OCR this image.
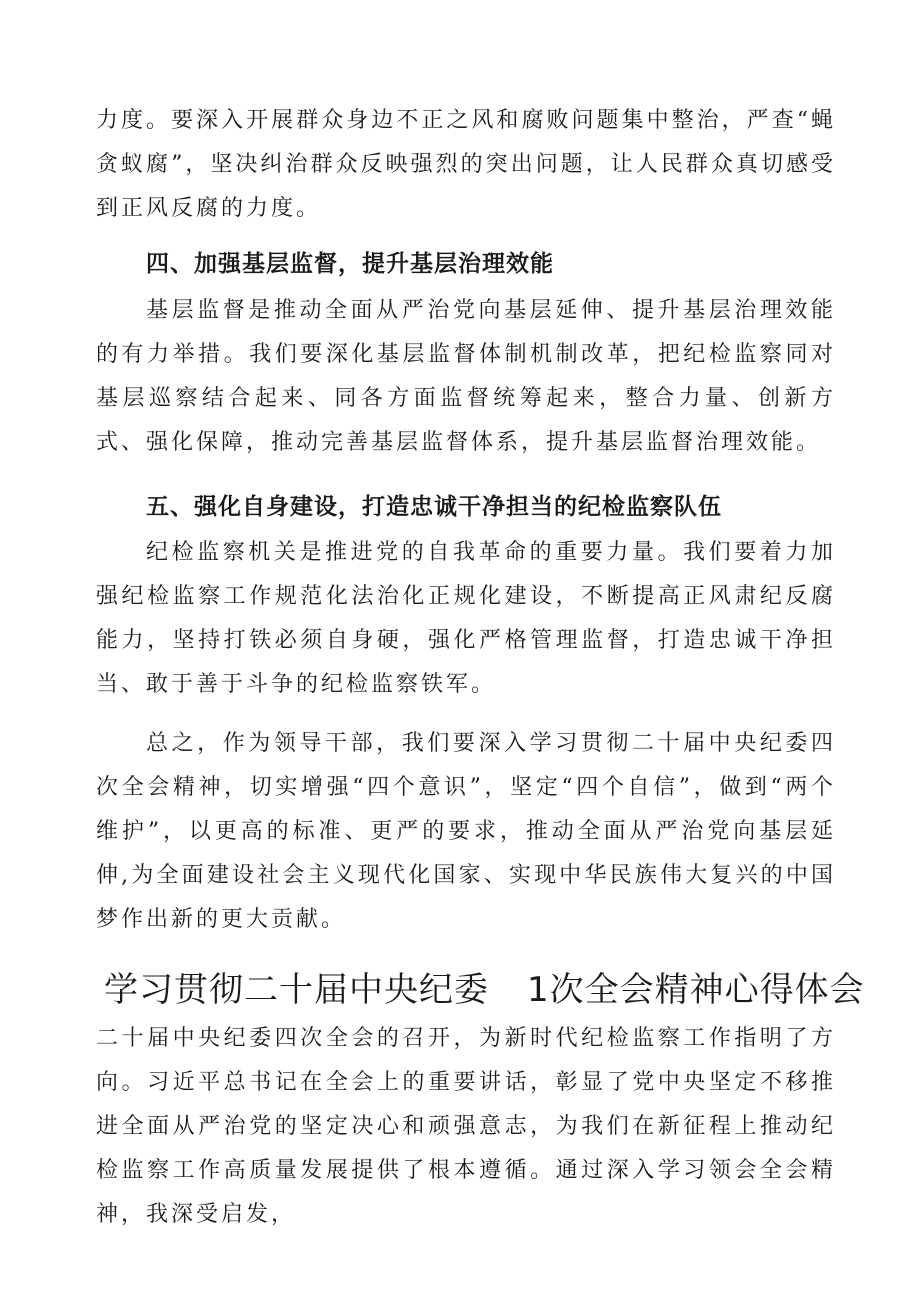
力度。要深入开展群众身边不正之风和腐败问题集中整治，严查“蝇贪蚁腐”，坚决纠治群众反映强烈的突出问题，让人民群众真切感受到正风反腐的力度。

四、加强基层监督，提升基层治理效能

基层监督是推动全面从严治党向基层延伸、提升基层治理效能的有力举措。我们要深化基层监督体制机制改革，把纪检监察同对基层巡察结合起来、同各方面监督统筹起来，整合力量、创新方式、强化保障，推动完善基层监督体系，提升基层监督治理效能。

五、强化自身建设，打造忠诚干净担当的纪检监察队伍

纪检监察机关是推进党的自我革命的重要力量。我们要着力加强纪检监察工作规范化法治化正规化建设，不断提高正风肃纪反腐能力，坚持打铁必须自身硬，强化严格管理监督，打造忠诚干净担当、敢于善于斗争的纪检监察铁军。

总之，作为领导干部，我们要深入学习贯彻二十届中央纪委四次全会精神，切实增强“四个意识”，坚定“四个自信”，做到“两个维护”，以更高的标准、更严的要求，推动全面从严治党向基层延伸,为全面建设社会主义现代化国家、实现中华民族伟大复兴的中国梦作出新的更大贡献。

学习贯彻二十届中央纪委 1次全会精神心得体会

二十届中央纪委四次全会的召开，为新时代纪检监察工作指明了方向。习近平总书记在全会上的重要讲话，彰显了党中央坚定不移推进全面从严治党的坚定决心和顽强意志，为我们在新征程上推动纪检监察工作高质量发展提供了根本遵循。通过深入学习领会全会精神，我深受启发，
